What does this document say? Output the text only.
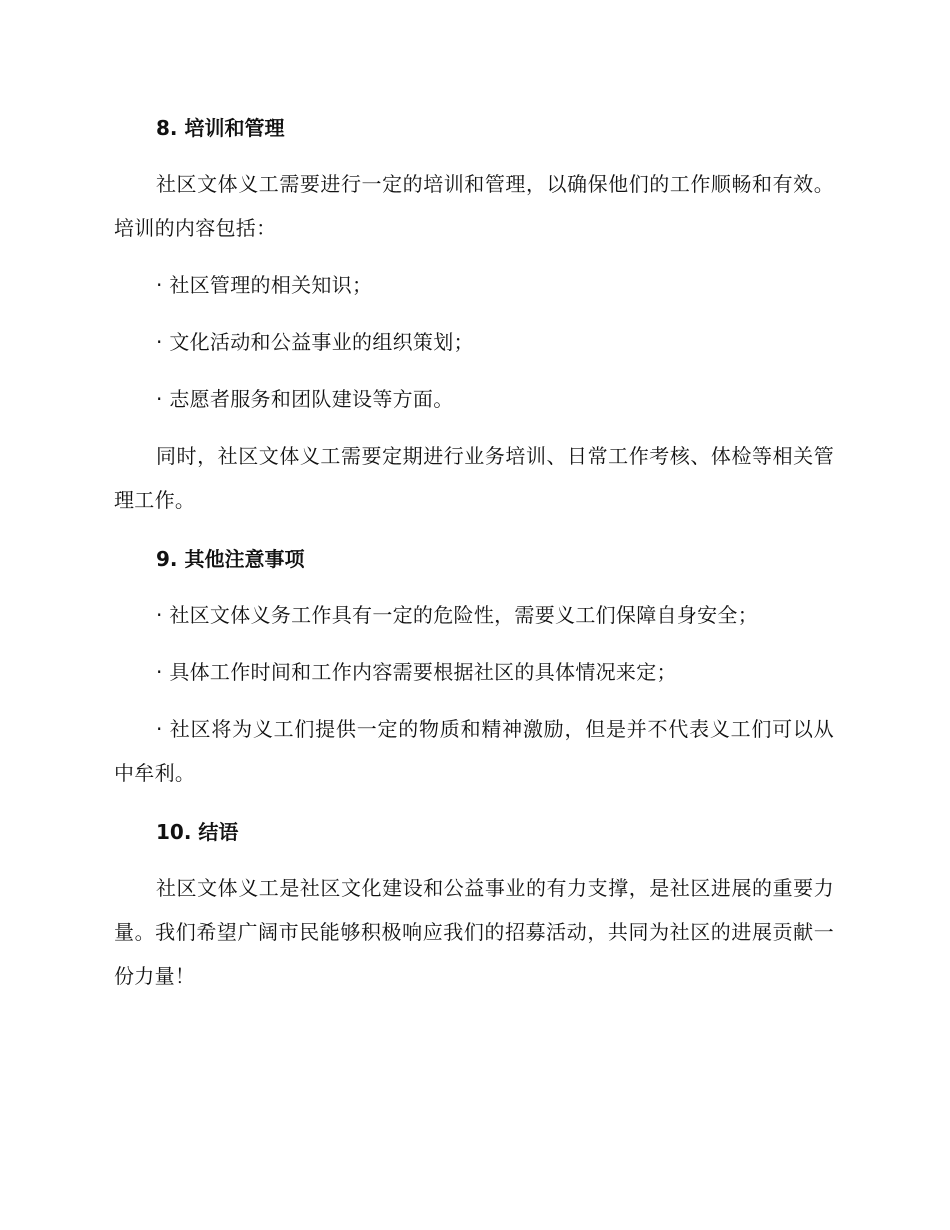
8. 培训和管理

社区文体义工需要进行一定的培训和管理，以确保他们的工作顺畅和有效。培训的内容包括：

· 社区管理的相关知识；

· 文化活动和公益事业的组织策划；

· 志愿者服务和团队建设等方面。

同时，社区文体义工需要定期进行业务培训、日常工作考核、体检等相关管理工作。

9. 其他注意事项

· 社区文体义务工作具有一定的危险性，需要义工们保障自身安全；

· 具体工作时间和工作内容需要根据社区的具体情况来定；

· 社区将为义工们提供一定的物质和精神激励，但是并不代表义工们可以从中牟利。

10. 结语

社区文体义工是社区文化建设和公益事业的有力支撑，是社区进展的重要力量。我们希望广阔市民能够积极响应我们的招募活动，共同为社区的进展贡献一份力量！
